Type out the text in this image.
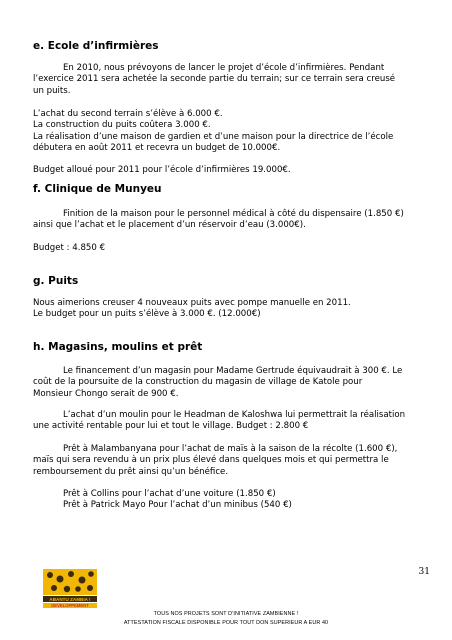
e. Ecole d’infirmières
En 2010, nous prévoyons de lancer le projet d’école d’infirmières. Pendant
l’exercice 2011 sera achetée la seconde partie du terrain; sur ce terrain sera creusé
un puits.
L’achat du second terrain s’élève à 6.000 €.
La construction du puits coûtera 3.000 €.
La réalisation d’une maison de gardien et d’une maison pour la directrice de l’école
débutera en août 2011 et recevra un budget de 10.000€.
Budget alloué pour 2011 pour l’école d’infirmières 19.000€.
f. Clinique de Munyeu
Finition de la maison pour le personnel médical à côté du dispensaire (1.850 €)
ainsi que l’achat et le placement d’un réservoir d’eau (3.000€).
Budget : 4.850 €
g. Puits
Nous aimerions creuser 4 nouveaux puits avec pompe manuelle en 2011.
Le budget pour un puits s’élève à 3.000 €. (12.000€)
h. Magasins, moulins et prêt
Le financement d’un magasin pour Madame Gertrude équivaudrait à 300 €. Le
coût de la poursuite de la construction du magasin de village de Katole pour
Monsieur Chongo serait de 900 €.
L’achat d’un moulin pour le Headman de Kaloshwa lui permettrait la réalisation
une activité rentable pour lui et tout le village. Budget : 2.800 €
Prêt à Malambanyana pour l’achat de maïs à la saison de la récolte (1.600 €),
maïs qui sera revendu à un prix plus élevé dans quelques mois et qui permettra le
remboursement du prêt ainsi qu’un bénéfice.
Prêt à Collins pour l’achat d’une voiture (1.850 €)
Prêt à Patrick Mayo Pour l’achat d’un minibus (540 €)
ABANTU ZAMBIA !
DEVELOPPEMENT
31
TOUS NOS PROJETS SONT D’INITIATIVE ZAMBIENNE !
ATTESTATION FISCALE DISPONIBLE POUR TOUT DON SUPERIEUR A EUR 40
